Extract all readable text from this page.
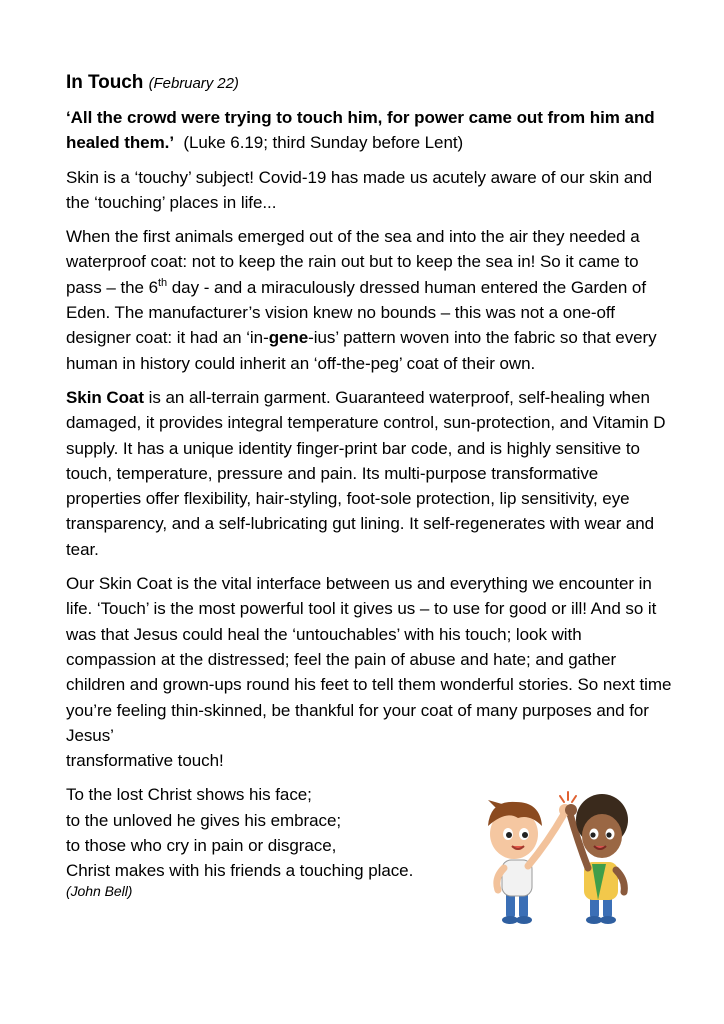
In Touch (February 22)

‘All the crowd were trying to touch him, for power came out from him and healed them.’ (Luke 6.19; third Sunday before Lent)

Skin is a ‘touchy’ subject! Covid-19 has made us acutely aware of our skin and the ‘touching’ places in life...

When the first animals emerged out of the sea and into the air they needed a waterproof coat: not to keep the rain out but to keep the sea in! So it came to pass – the 6th day - and a miraculously dressed human entered the Garden of Eden. The manufacturer’s vision knew no bounds – this was not a one-off designer coat: it had an ‘in-gene-ius’ pattern woven into the fabric so that every human in history could inherit an ‘off-the-peg’ coat of their own.

Skin Coat is an all-terrain garment. Guaranteed waterproof, self-healing when damaged, it provides integral temperature control, sun-protection, and Vitamin D supply. It has a unique identity finger-print bar code, and is highly sensitive to touch, temperature, pressure and pain. Its multi-purpose transformative properties offer flexibility, hair-styling, foot-sole protection, lip sensitivity, eye transparency, and a self-lubricating gut lining. It self-regenerates with wear and tear.

Our Skin Coat is the vital interface between us and everything we encounter in life. ‘Touch’ is the most powerful tool it gives us – to use for good or ill! And so it was that Jesus could heal the ‘untouchables’ with his touch; look with compassion at the distressed; feel the pain of abuse and hate; and gather children and grown-ups round his feet to tell them wonderful stories. So next time you’re feeling thin-skinned, be thankful for your coat of many purposes and for Jesus’
transformative touch!

To the lost Christ shows his face;

to the unloved he gives his embrace;

to those who cry in pain or disgrace,

Christ makes with his friends a touching place.

(John Bell)
